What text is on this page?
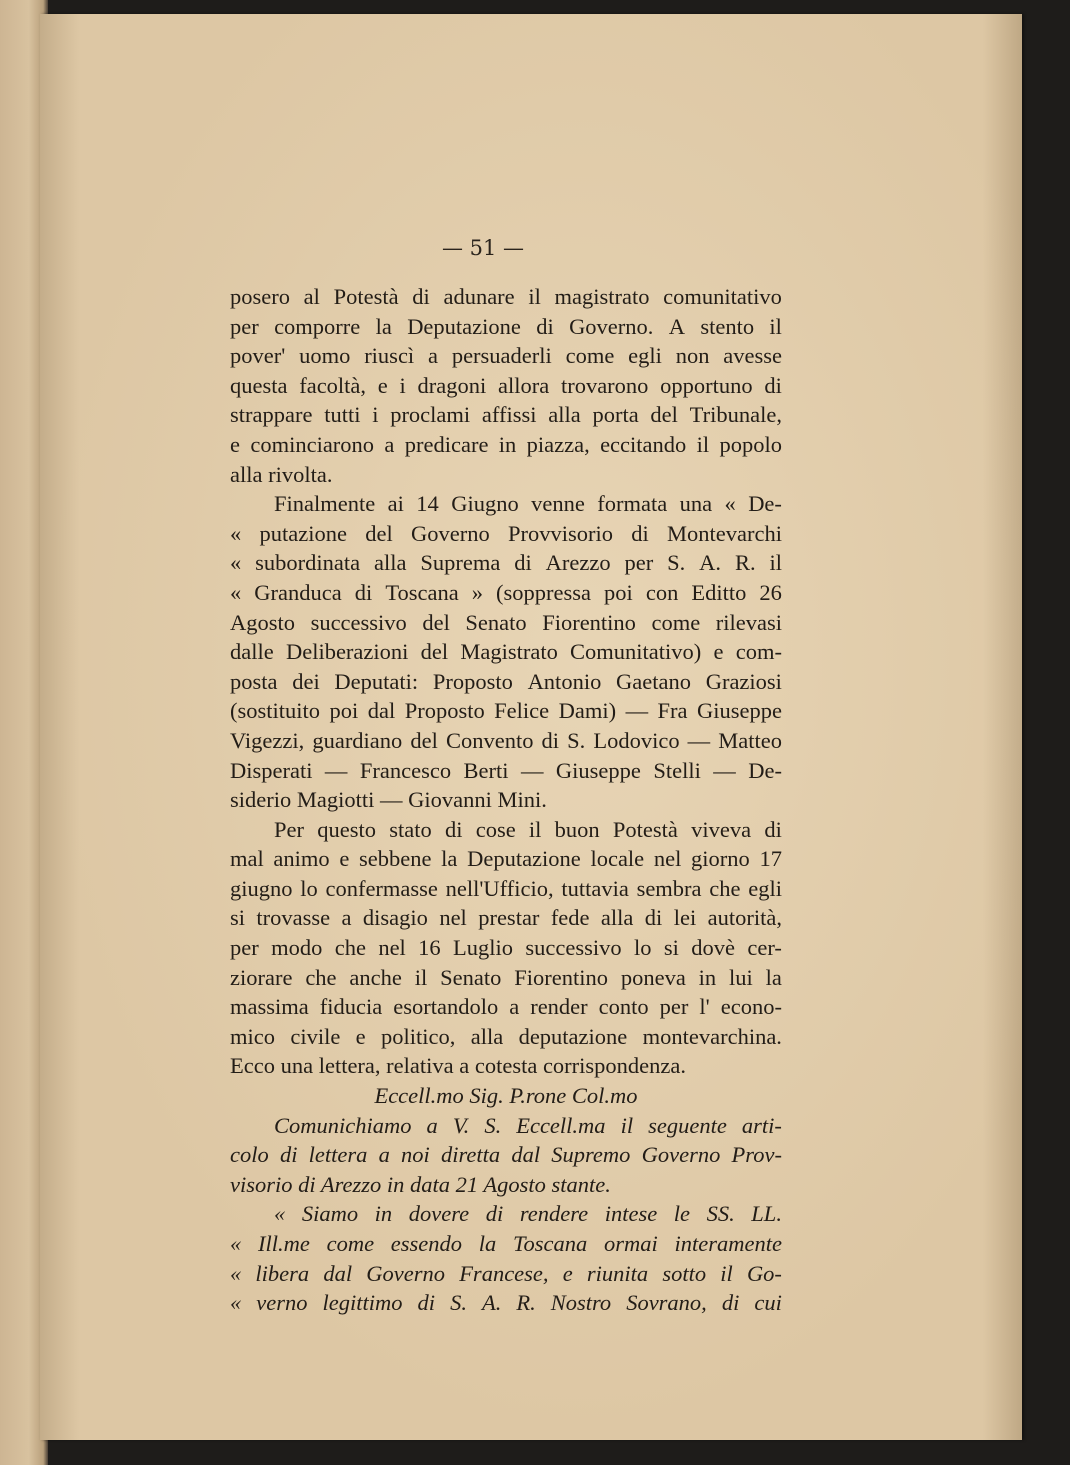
— 51 —
posero al Potestà di adunare il magistrato comunitativo
per comporre la Deputazione di Governo. A stento il
pover' uomo riuscì a persuaderli come egli non avesse
questa facoltà, e i dragoni allora trovarono opportuno di
strappare tutti i proclami affissi alla porta del Tribunale,
e cominciarono a predicare in piazza, eccitando il popolo
alla rivolta.
Finalmente ai 14 Giugno venne formata una « De-
« putazione del Governo Provvisorio di Montevarchi
« subordinata alla Suprema di Arezzo per S. A. R. il
« Granduca di Toscana » (soppressa poi con Editto 26
Agosto successivo del Senato Fiorentino come rilevasi
dalle Deliberazioni del Magistrato Comunitativo) e com-
posta dei Deputati: Proposto Antonio Gaetano Graziosi
(sostituito poi dal Proposto Felice Dami) — Fra Giuseppe
Vigezzi, guardiano del Convento di S. Lodovico — Matteo
Disperati — Francesco Berti — Giuseppe Stelli — De-
siderio Magiotti — Giovanni Mini.
Per questo stato di cose il buon Potestà viveva di
mal animo e sebbene la Deputazione locale nel giorno 17
giugno lo confermasse nell'Ufficio, tuttavia sembra che egli
si trovasse a disagio nel prestar fede alla di lei autorità,
per modo che nel 16 Luglio successivo lo si dovè cer-
ziorare che anche il Senato Fiorentino poneva in lui la
massima fiducia esortandolo a render conto per l' econo-
mico civile e politico, alla deputazione montevarchina.
Ecco una lettera, relativa a cotesta corrispondenza.
Eccell.mo Sig. P.rone Col.mo
Comunichiamo a V. S. Eccell.ma il seguente arti-
colo di lettera a noi diretta dal Supremo Governo Prov-
visorio di Arezzo in data 21 Agosto stante.
« Siamo in dovere di rendere intese le SS. LL.
« Ill.me come essendo la Toscana ormai interamente
« libera dal Governo Francese, e riunita sotto il Go-
« verno legittimo di S. A. R. Nostro Sovrano, di cui
